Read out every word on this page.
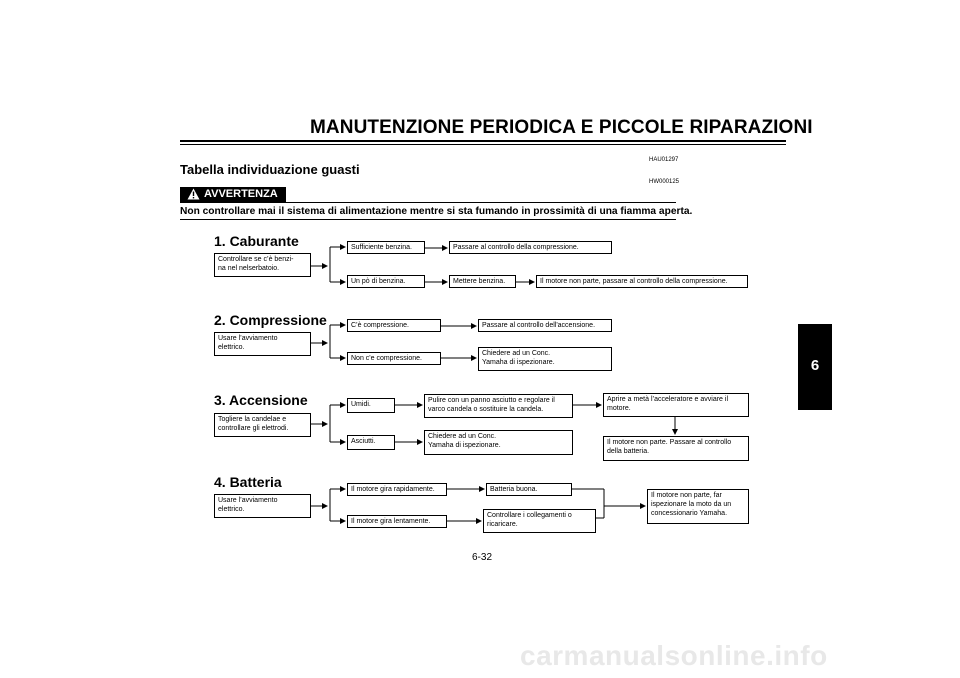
MANUTENZIONE PERIODICA E PICCOLE RIPARAZIONI
HAU01297
Tabella individuazione guasti
HW000125
AVVERTENZA
Non controllare mai il sistema di alimentazione mentre si sta fumando in prossimità di una fiamma aperta.
6
1. Caburante
Controllare se c’è benzi-
na nel nelserbatoio.
Sufficiente benzina.	Passare al controllo della compressione.
Un pò di benzina.	Mettere benzina.	Il motore non parte, passare al controllo della compressione.
2. Compressione
Usare l’avviamento
elettrico.
C’è compressione.	Passare al controllo dell'accensione.
Non c'e compressione.
Chiedere ad un Conc.
Yamaha di ispezionare.
3. Accensione
Togliere la candelae e
controllare gli elettrodi.
Umidi.
Pulire con un panno asciutto e regolare il
varco candela o sostituire la candela.
Aprire a metà l’acceleratore e avviare il
motore.
Asciutti.
Chiedere ad un Conc.
Yamaha di ispezionare.	Il motore non parte. Passare al controllo
della batteria.
4. Batteria
Usare l’avviamento
elettrico.
Il motore gira rapidamente.	Batteria buona.
Il motore gira lentamente.
Controllare i collegamenti o
ricaricare.
Il motore non parte, far
ispezionare la moto da un
concessionario Yamaha.
6-32
carmanualsonline.info
